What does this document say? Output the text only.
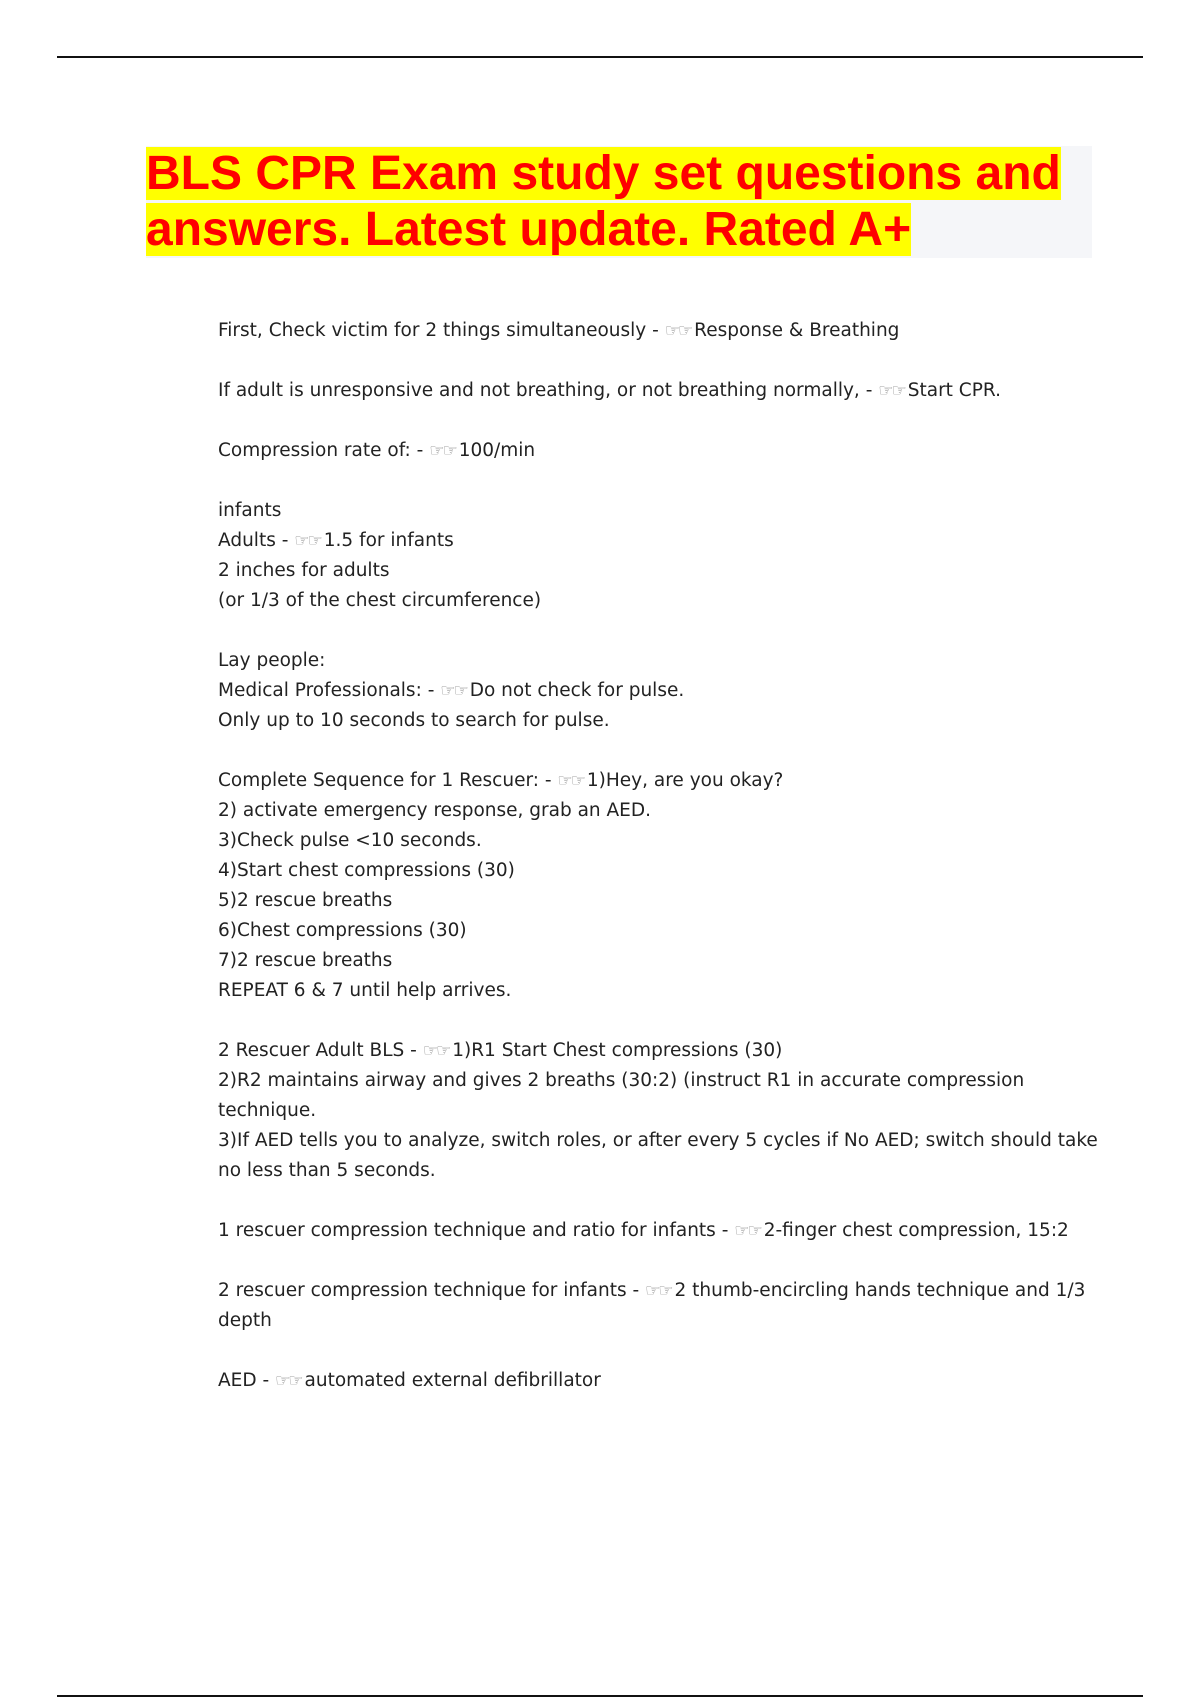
BLS CPR Exam study set questions and answers. Latest update. Rated A+
First, Check victim for 2 things simultaneously - ☞☞ Response & Breathing
If adult is unresponsive and not breathing, or not breathing normally, - ☞☞ Start CPR.
Compression rate of: - ☞☞ 100/min
infants
Adults - ☞☞ 1.5 for infants
2 inches for adults
(or 1/3 of the chest circumference)
Lay people:
Medical Professionals: - ☞☞ Do not check for pulse.
Only up to 10 seconds to search for pulse.
Complete Sequence for 1 Rescuer: - ☞☞ 1)Hey, are you okay?
2) activate emergency response, grab an AED.
3)Check pulse <10 seconds.
4)Start chest compressions (30)
5)2 rescue breaths
6)Chest compressions (30)
7)2 rescue breaths
REPEAT 6 & 7 until help arrives.
2 Rescuer Adult BLS - ☞☞ 1)R1 Start Chest compressions (30)
2)R2 maintains airway and gives 2 breaths (30:2) (instruct R1 in accurate compression technique.
3)If AED tells you to analyze, switch roles, or after every 5 cycles if No AED; switch should take no less than 5 seconds.
1 rescuer compression technique and ratio for infants - ☞☞ 2-finger chest compression, 15:2
2 rescuer compression technique for infants - ☞☞ 2 thumb-encircling hands technique and 1/3 depth
AED - ☞☞ automated external defibrillator
